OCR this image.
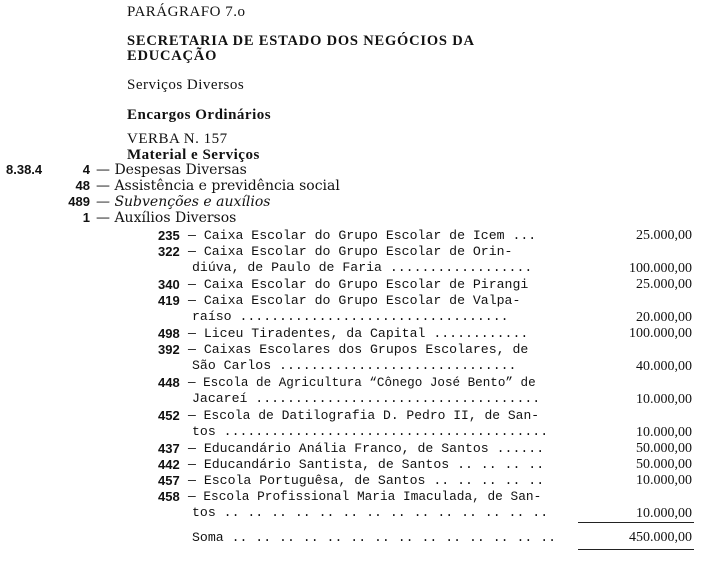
PARÁGRAFO 7.o
SECRETARIA DE ESTADO DOS NEGÓCIOS DA
EDUCAÇÃO
Serviços Diversos
Encargos Ordinários
VERBA N. 157
Material e Serviços
8.38.4	4 — Despesas Diversas
48 — Assistência e previdência social
489 — Subvenções e auxílios
1 — Auxílios Diversos
235 — Caixa Escolar do Grupo Escolar de Icem ...	25.000,00
322 — Caixa Escolar do Grupo Escolar de Orin-
diúva, de Paulo de Faria ..................	100.000,00
340 — Caixa Escolar do Grupo Escolar de Pirangi	25.000,00
419 — Caixa Escolar do Grupo Escolar de Valpa-
raíso ..................................	20.000,00
498 — Liceu Tiradentes, da Capital ............	100.000,00
392 — Caixas Escolares dos Grupos Escolares, de
São Carlos ..............................	40.000,00
448 — Escola de Agricultura “Cônego José Bento” de
Jacareí ....................................	10.000,00
452 — Escola de Datilografia D. Pedro II, de San-
tos .........................................	10.000,00
437 — Educandário Anália Franco, de Santos ......	50.000,00
442 — Educandário Santista, de Santos .. .. .. ..	50.000,00
457 — Escola Portuguêsa, de Santos .. .. .. .. ..	10.000,00
458 — Escola Profissional Maria Imaculada, de San-
tos .. .. .. .. .. .. .. .. .. .. .. .. .. ..	10.000,00
Soma .. .. .. .. .. .. .. .. .. .. .. .. .. ..	450.000,00
